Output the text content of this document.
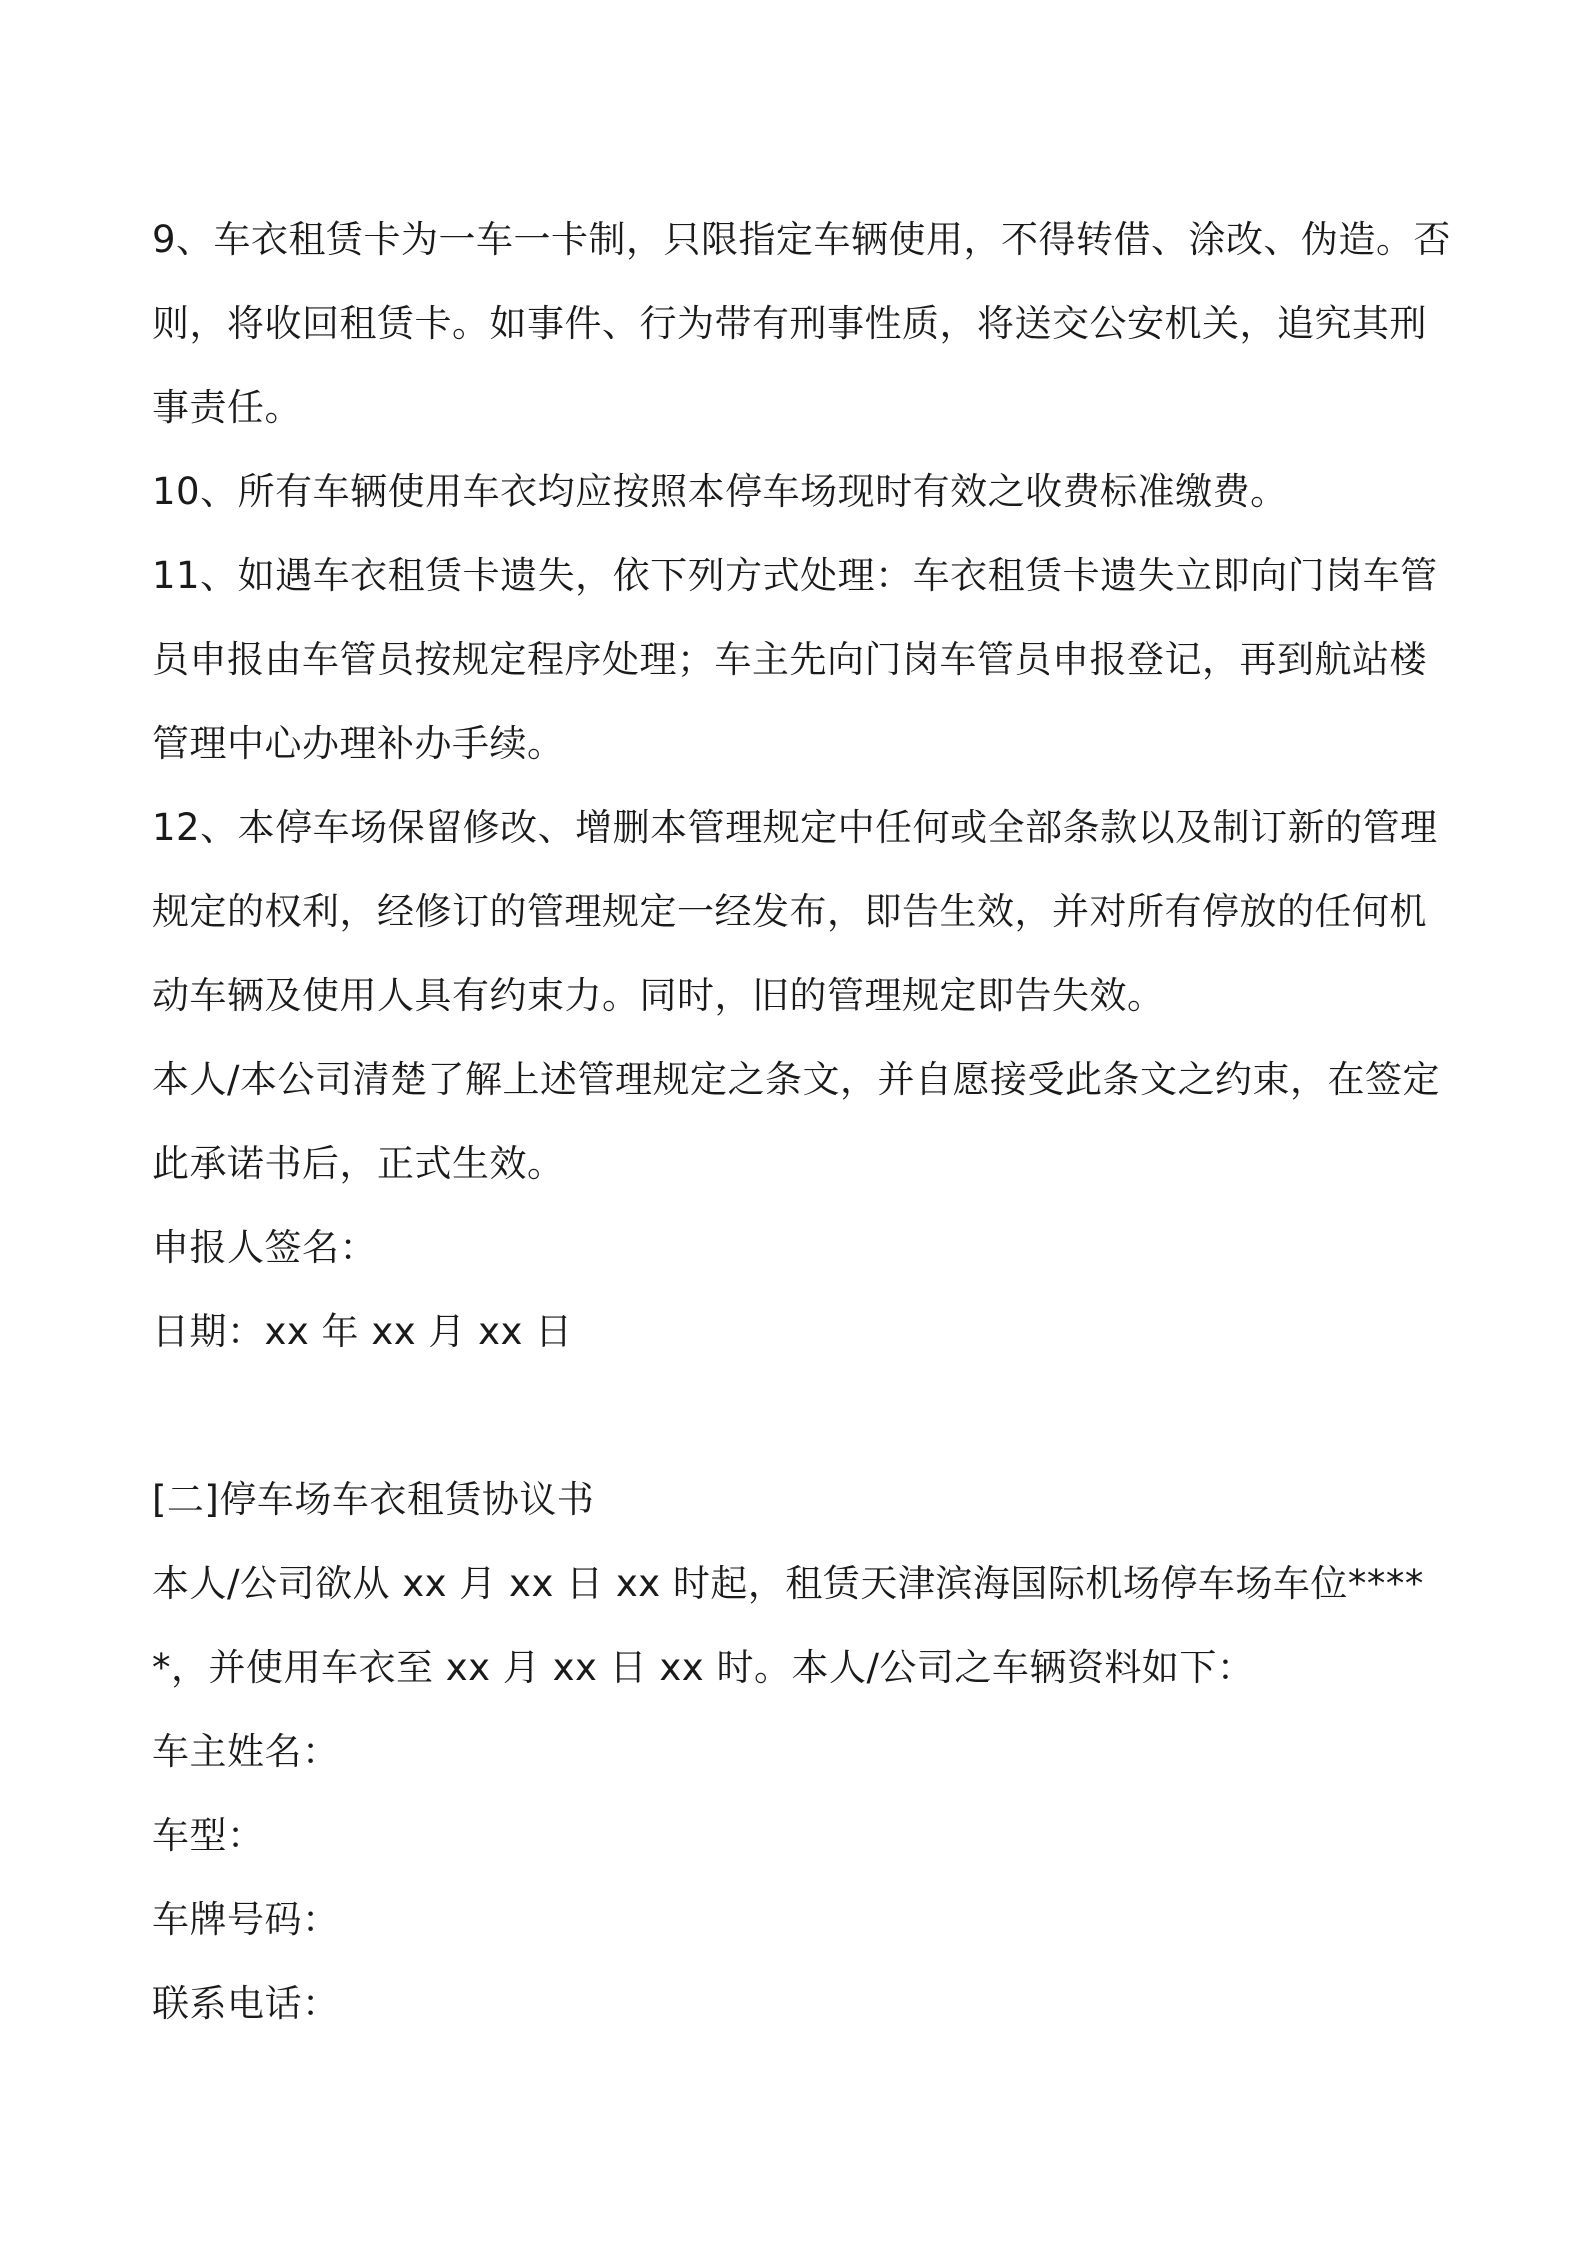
9、车衣租赁卡为一车一卡制，只限指定车辆使用，不得转借、涂改、伪造。否则，将收回租赁卡。如事件、行为带有刑事性质，将送交公安机关，追究其刑事责任。

10、所有车辆使用车衣均应按照本停车场现时有效之收费标准缴费。

11、如遇车衣租赁卡遗失，依下列方式处理：车衣租赁卡遗失立即向门岗车管员申报由车管员按规定程序处理；车主先向门岗车管员申报登记，再到航站楼管理中心办理补办手续。

12、本停车场保留修改、增删本管理规定中任何或全部条款以及制订新的管理规定的权利，经修订的管理规定一经发布，即告生效，并对所有停放的任何机动车辆及使用人具有约束力。同时，旧的管理规定即告失效。

本人/本公司清楚了解上述管理规定之条文，并自愿接受此条文之约束，在签定此承诺书后，正式生效。

申报人签名：

日期：xx 年 xx 月 xx 日

[二]停车场车衣租赁协议书

本人/公司欲从 xx 月 xx 日 xx 时起，租赁天津滨海国际机场停车场车位*****，并使用车衣至 xx 月 xx 日 xx 时。本人/公司之车辆资料如下：

车主姓名：

车型：

车牌号码：

联系电话：
